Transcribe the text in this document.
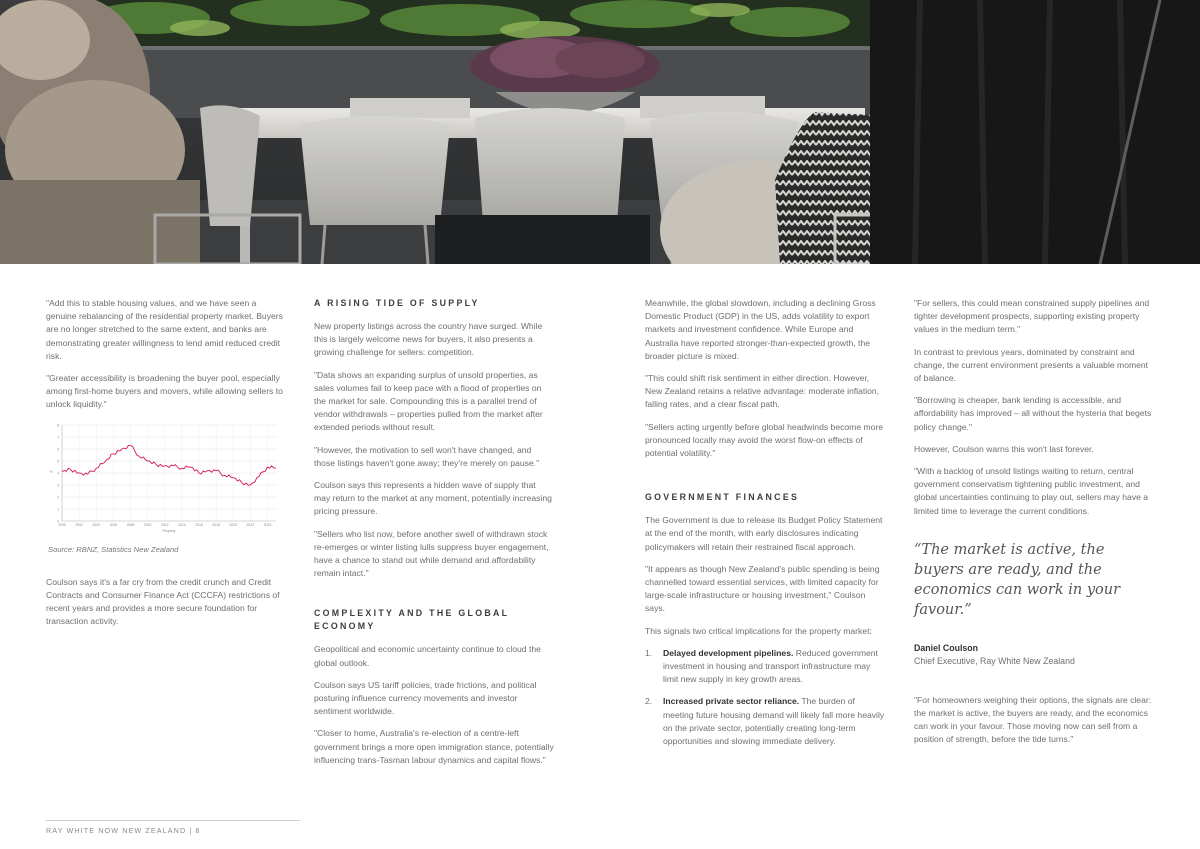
"Add this to stable housing values, and we have seen a genuine rebalancing of the residential property market. Buyers are no longer stretched to the same extent, and banks are demonstrating greater willingness to lend amid reduced credit risk.

"Greater accessibility is broadening the buyer pool, especially among first-home buyers and movers, while allowing sellers to unlock liquidity."

0
1
2
3
4
5
6
7
8
2000	2002	2004	2006	2008	2010	2012	2014	2016	2018	2020	2022	2024
Property
%

Source: RBNZ, Statistics New Zealand

Coulson says it's a far cry from the credit crunch and Credit Contracts and Consumer Finance Act (CCCFA) restrictions of recent years and provides a more secure foundation for transaction activity.

A RISING TIDE OF SUPPLY

New property listings across the country have surged. While this is largely welcome news for buyers, it also presents a growing challenge for sellers: competition.

"Data shows an expanding surplus of unsold properties, as sales volumes fail to keep pace with a flood of properties on the market for sale. Compounding this is a parallel trend of vendor withdrawals – properties pulled from the market after extended periods without result.

"However, the motivation to sell won't have changed, and those listings haven't gone away; they're merely on pause."

Coulson says this represents a hidden wave of supply that may return to the market at any moment, potentially increasing pricing pressure.

"Sellers who list now, before another swell of withdrawn stock re-emerges or winter listing lulls suppress buyer engagement, have a chance to stand out while demand and affordability remain intact."

COMPLEXITY AND THE GLOBAL ECONOMY

Geopolitical and economic uncertainty continue to cloud the global outlook.

Coulson says US tariff policies, trade frictions, and political posturing influence currency movements and investor sentiment worldwide.

"Closer to home, Australia's re-election of a centre-left government brings a more open immigration stance, potentially influencing trans-Tasman labour dynamics and capital flows."

Meanwhile, the global slowdown, including a declining Gross Domestic Product (GDP) in the US, adds volatility to export markets and investment confidence. While Europe and Australia have reported stronger-than-expected growth, the broader picture is mixed.

"This could shift risk sentiment in either direction. However, New Zealand retains a relative advantage: moderate inflation, falling rates, and a clear fiscal path.

"Sellers acting urgently before global headwinds become more pronounced locally may avoid the worst flow-on effects of potential volatility."

GOVERNMENT FINANCES

The Government is due to release its Budget Policy Statement at the end of the month, with early disclosures indicating policymakers will retain their restrained fiscal approach.

"It appears as though New Zealand's public spending is being channelled toward essential services, with limited capacity for large-scale infrastructure or housing investment," Coulson says.

This signals two critical implications for the property market:

1. Delayed development pipelines. Reduced government investment in housing and transport infrastructure may limit new supply in key growth areas.
2. Increased private sector reliance. The burden of meeting future housing demand will likely fall more heavily on the private sector, potentially creating long-term opportunities and slowing immediate delivery.

"For sellers, this could mean constrained supply pipelines and tighter development prospects, supporting existing property values in the medium term."

In contrast to previous years, dominated by constraint and change, the current environment presents a valuable moment of balance.

"Borrowing is cheaper, bank lending is accessible, and affordability has improved – all without the hysteria that begets policy change."

However, Coulson warns this won't last forever.

"With a backlog of unsold listings waiting to return, central government conservatism tightening public investment, and global uncertainties continuing to play out, sellers may have a limited time to leverage the current conditions.

“The market is active, the buyers are ready, and the economics can work in your favour.”

Daniel Coulson

Chief Executive, Ray White New Zealand

"For homeowners weighing their options, the signals are clear: the market is active, the buyers are ready, and the economics can work in your favour. Those moving now can sell from a position of strength, before the tide turns."

RAY WHITE NOW NEW ZEALAND | 8
